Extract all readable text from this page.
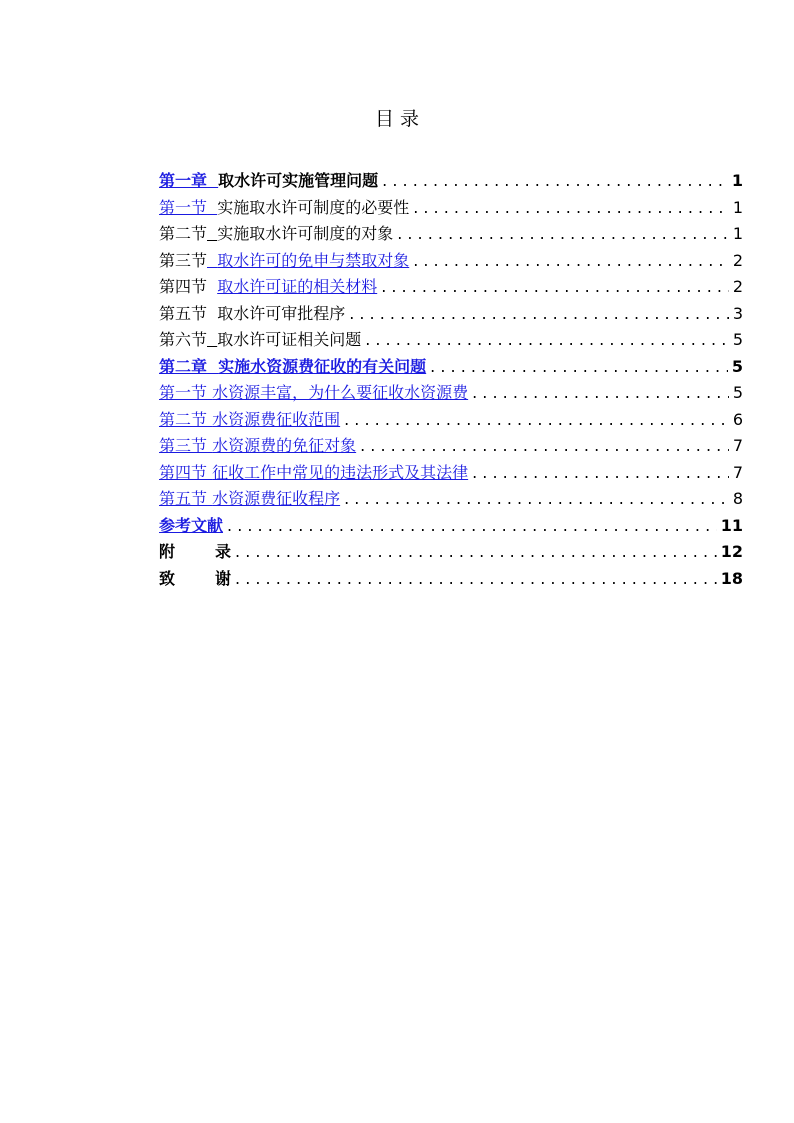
目 录
第一章 取水许可实施管理问题 . . .	1
第一节 实施取水许可制度的必要性 . . .	1
第二节 实施取水许可制度的对象 . . .	1
第三节 取水许可的免申与禁取对象 . . .	2
第四节 取水许可证的相关材料 . . .	2
第五节 取水许可审批程序 . . .	3
第六节 取水许可证相关问题 . . .	5
第二章 实施水资源费征收的有关问题 . . .	5
第一节 水资源丰富，为什么要征收水资源费 . . .	5
第二节 水资源费征收范围 . . .	6
第三节 水资源费的免征对象 . . .	7
第四节 征收工作中常见的违法形式及其法律 . . .	7
第五节 水资源费征收程序 . . .	8
参考文献 . . .	11
附	录 . . .	12
致	谢 . . .	18
